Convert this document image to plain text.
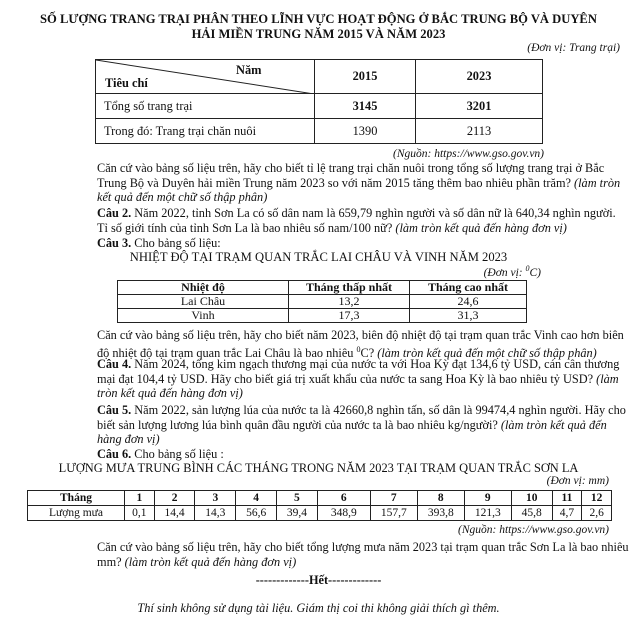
SỐ LƯỢNG TRANG TRẠI PHÂN THEO LĨNH VỰC HOẠT ĐỘNG Ở BẮC TRUNG BỘ VÀ DUYÊN
HẢI MIỀN TRUNG NĂM 2015 VÀ NĂM 2023
(Đơn vị: Trang trại)
Năm
Tiêu chí	2015	2023
Tổng số trang trại	3145	3201
Trong đó: Trang trại chăn nuôi	1390	2113
(Nguồn: https://www.gso.gov.vn)
Căn cứ vào bảng số liệu trên, hãy cho biết tỉ lệ trang trại chăn nuôi trong tổng số lượng trang trại ở Bắc
Trung Bộ và Duyên hải miền Trung năm 2023 so với năm 2015 tăng thêm bao nhiêu phần trăm? (làm tròn
kết quả đến một chữ số thập phân)
Câu 2. Năm 2022, tỉnh Sơn La có số dân nam là 659,79 nghìn người và số dân nữ là 640,34 nghìn người.
Tỉ số giới tính của tỉnh Sơn La là bao nhiêu số nam/100 nữ? (làm tròn kết quả đến hàng đơn vị)
Câu 3. Cho bảng số liệu:
NHIỆT ĐỘ TẠI TRẠM QUAN TRẮC LAI CHÂU VÀ VINH NĂM 2023
(Đơn vị: $^0$C)
Nhiệt độ	Tháng thấp nhất	Tháng cao nhất
Lai Châu	13,2	24,6
Vinh	17,3	31,3
Căn cứ vào bảng số liệu trên, hãy cho biết năm 2023, biên độ nhiệt độ tại trạm quan trắc Vinh cao hơn biên
độ nhiệt độ tại trạm quan trắc Lai Châu là bao nhiêu $^0$C? (làm tròn kết quả đến một chữ số thập phân)
Câu 4. Năm 2024, tổng kim ngạch thương mại của nước ta với Hoa Kỳ đạt 134,6 tỷ USD, cán cân thương
mại đạt 104,4 tỷ USD. Hãy cho biết giá trị xuất khẩu của nước ta sang Hoa Kỳ là bao nhiêu tỷ USD? (làm
tròn kết quả đến hàng đơn vị)
Câu 5. Năm 2022, sản lượng lúa của nước ta là 42660,8 nghìn tấn, số dân là 99474,4 nghìn người. Hãy cho
biết sản lượng lương lúa bình quân đầu người của nước ta là bao nhiêu kg/người? (làm tròn kết quả đến
hàng đơn vị)
Câu 6. Cho bảng số liệu :
LƯỢNG MƯA TRUNG BÌNH CÁC THÁNG TRONG NĂM 2023 TẠI TRẠM QUAN TRẮC SƠN LA
(Đơn vị: mm)
Tháng	1	2	3	4	5	6	7	8	9	10	11	12
Lượng mưa	0,1	14,4	14,3	56,6	39,4	348,9	157,7	393,8	121,3	45,8	4,7	2,6
(Nguồn: https://www.gso.gov.vn)
Căn cứ vào bảng số liệu trên, hãy cho biết tổng lượng mưa năm 2023 tại trạm quan trắc Sơn La là bao nhiêu
mm? (làm tròn kết quả đến hàng đơn vị)
-------------Hết-------------
Thí sinh không sử dụng tài liệu. Giám thị coi thi không giải thích gì thêm.
